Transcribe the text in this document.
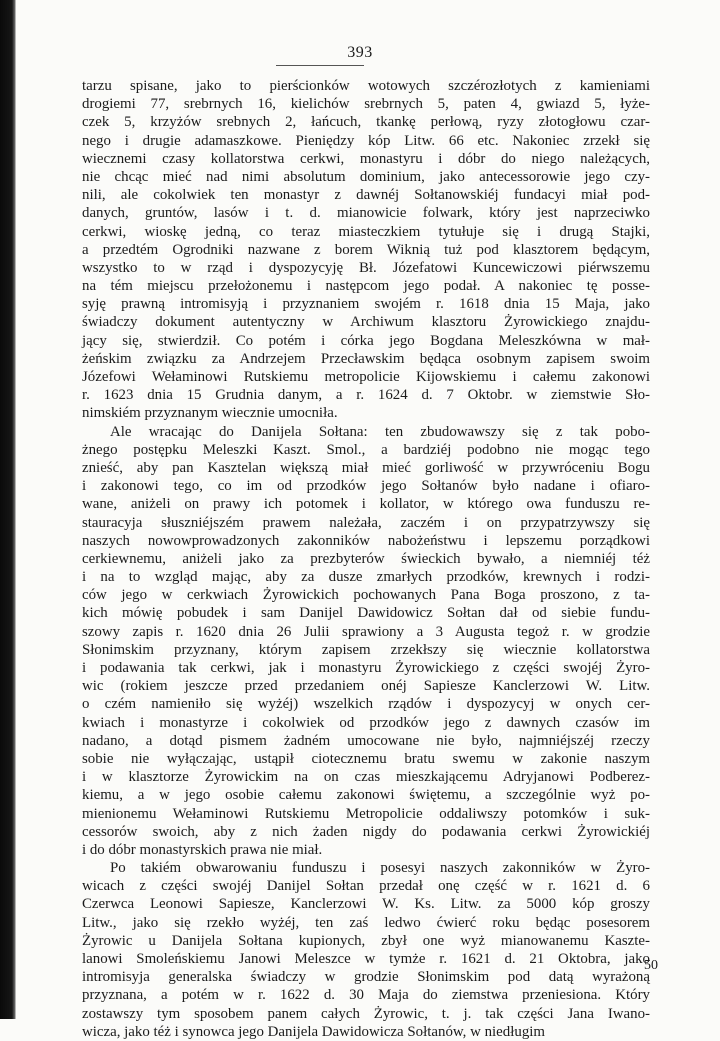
393
tarzu spisane, jako to pierścionków wotowych szczérozłotych z kamieniami
drogiemi 77, srebrnych 16, kielichów srebrnych 5, paten 4, gwiazd 5, łyże-
czek 5, krzyżów srebnych 2, łańcuch, tkankę perłową, ryzy złotogłowu czar-
nego i drugie adamaszkowe. Pieniędzy kóp Litw. 66 etc. Nakoniec zrzekł się
wiecznemi czasy kollatorstwa cerkwi, monastyru i dóbr do niego należących,
nie chcąc mieć nad nimi absolutum dominium, jako antecessorowie jego czy-
nili, ale cokolwiek ten monastyr z dawnéj Sołtanowskiéj fundacyi miał pod-
danych, gruntów, lasów i t. d. mianowicie folwark, który jest naprzeciwko
cerkwi, wioskę jedną, co teraz miasteczkiem tytułuje się i drugą Stajki,
a przedtém Ogrodniki nazwane z borem Wiknią tuż pod klasztorem będącym,
wszystko to w rząd i dyspozycyję Bł. Józefatowi Kuncewiczowi piérwszemu
na tém miejscu przełożonemu i następcom jego podał. A nakoniec tę posse-
syję prawną intromisyją i przyznaniem swojém r. 1618 dnia 15 Maja, jako
świadczy dokument autentyczny w Archiwum klasztoru Żyrowickiego znajdu-
jący się, stwierdził. Co potém i córka jego Bogdana Meleszkówna w mał-
żeńskim związku za Andrzejem Przecławskim będąca osobnym zapisem swoim
Józefowi Wełaminowi Rutskiemu metropolicie Kijowskiemu i całemu zakonowi
r. 1623 dnia 15 Grudnia danym, a r. 1624 d. 7 Oktobr. w ziemstwie Sło-
nimskiém przyznanym wiecznie umocniła.
Ale wracając do Danijela Sołtana: ten zbudowawszy się z tak pobo-
żnego postępku Meleszki Kaszt. Smol., a bardziéj podobno nie mogąc tego
znieść, aby pan Kasztelan większą miał mieć gorliwość w przywróceniu Bogu
i zakonowi tego, co im od przodków jego Sołtanów było nadane i ofiaro-
wane, aniżeli on prawy ich potomek i kollator, w którego owa funduszu re-
stauracyja słuszniéjszém prawem należała, zaczém i on przypatrzywszy się
naszych nowowprowadzonych zakonników nabożeństwu i lepszemu porządkowi
cerkiewnemu, aniżeli jako za prezbyterów świeckich bywało, a niemniéj téż
i na to wzgląd mając, aby za dusze zmarłych przodków, krewnych i rodzi-
ców jego w cerkwiach Żyrowickich pochowanych Pana Boga proszono, z ta-
kich mówię pobudek i sam Danijel Dawidowicz Sołtan dał od siebie fundu-
szowy zapis r. 1620 dnia 26 Julii sprawiony a 3 Augusta tegoż r. w grodzie
Słonimskim przyznany, którym zapisem zrzekłszy się wiecznie kollatorstwa
i podawania tak cerkwi, jak i monastyru Żyrowickiego z części swojéj Żyro-
wic (rokiem jeszcze przed przedaniem onéj Sapiesze Kanclerzowi W. Litw.
o czém namieniło się wyżéj) wszelkich rządów i dyspozycyj w onych cer-
kwiach i monastyrze i cokolwiek od przodków jego z dawnych czasów im
nadano, a dotąd pismem żadném umocowane nie było, najmniéjszéj rzeczy
sobie nie wyłączając, ustąpił ciotecznemu bratu swemu w zakonie naszym
i w klasztorze Żyrowickim na on czas mieszkającemu Adryjanowi Podberez-
kiemu, a w jego osobie całemu zakonowi świętemu, a szczególnie wyż po-
mienionemu Wełaminowi Rutskiemu Metropolicie oddaliwszy potomków i suk-
cessorów swoich, aby z nich żaden nigdy do podawania cerkwi Żyrowickiéj
i do dóbr monastyrskich prawa nie miał.
Po takiém obwarowaniu funduszu i posesyi naszych zakonników w Żyro-
wicach z części swojéj Danijel Sołtan przedał onę część w r. 1621 d. 6
Czerwca Leonowi Sapiesze, Kanclerzowi W. Ks. Litw. za 5000 kóp groszy
Litw., jako się rzekło wyżéj, ten zaś ledwo ćwierć roku będąc posesorem
Żyrowic u Danijela Sołtana kupionych, zbył one wyż mianowanemu Kaszte-
lanowi Smoleńskiemu Janowi Meleszce w tymże r. 1621 d. 21 Oktobra, jako
intromisyja generalska świadczy w grodzie Słonimskim pod datą wyrażoną
przyznana, a potém w r. 1622 d. 30 Maja do ziemstwa przeniesiona. Który
zostawszy tym sposobem panem całych Żyrowic, t. j. tak części Jana Iwano-
wicza, jako téż i synowca jego Danijela Dawidowicza Sołtanów, w niedługim
50
